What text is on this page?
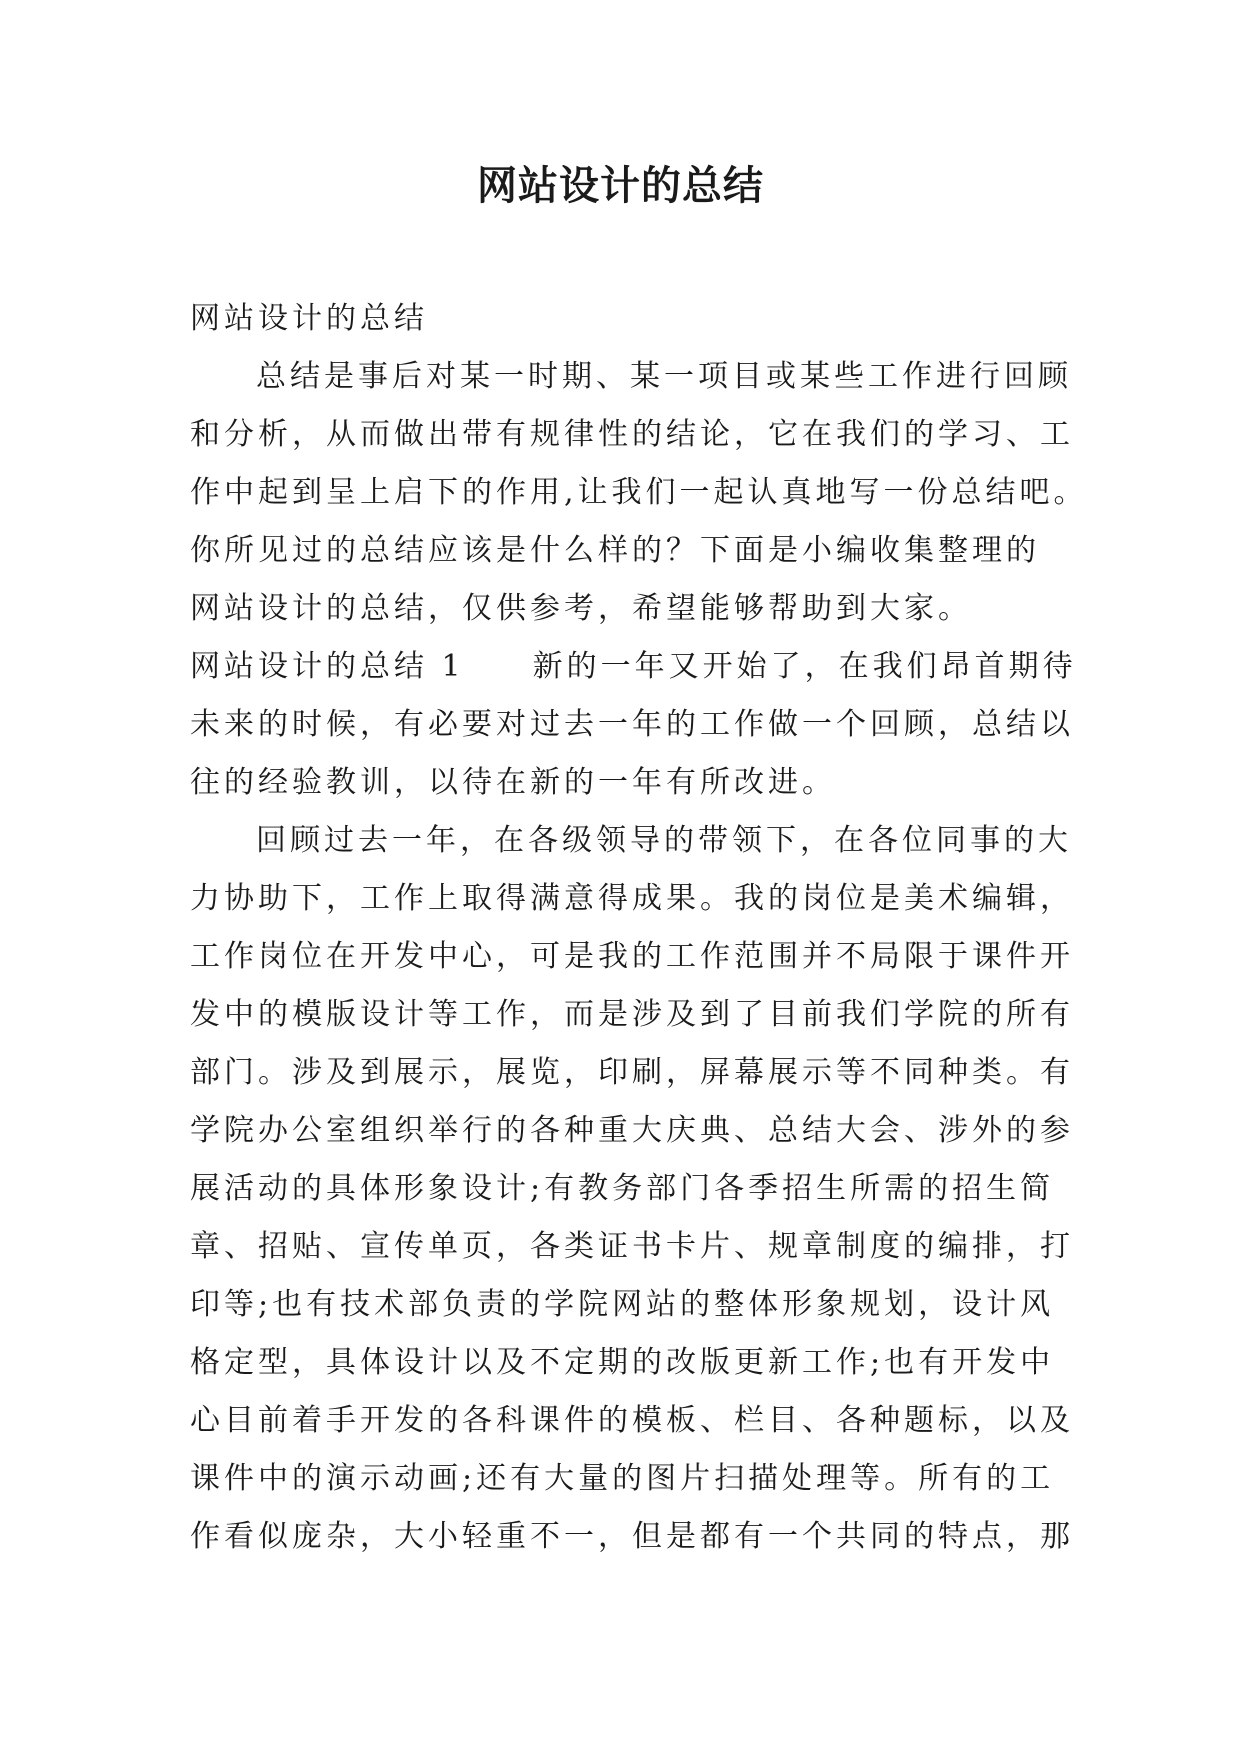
网站设计的总结
网站设计的总结
总结是事后对某一时期、某一项目或某些工作进行回顾
和分析，从而做出带有规律性的结论，它在我们的学习、工
作中起到呈上启下的作用,让我们一起认真地写一份总结吧。
你所见过的总结应该是什么样的？下面是小编收集整理的
网站设计的总结，仅供参考，希望能够帮助到大家。
网站设计的总结 1　　新的一年又开始了，在我们昂首期待
未来的时候，有必要对过去一年的工作做一个回顾，总结以
往的经验教训，以待在新的一年有所改进。
回顾过去一年，在各级领导的带领下，在各位同事的大
力协助下，工作上取得满意得成果。我的岗位是美术编辑，
工作岗位在开发中心，可是我的工作范围并不局限于课件开
发中的模版设计等工作，而是涉及到了目前我们学院的所有
部门。涉及到展示，展览，印刷，屏幕展示等不同种类。有
学院办公室组织举行的各种重大庆典、总结大会、涉外的参
展活动的具体形象设计;有教务部门各季招生所需的招生简
章、招贴、宣传单页，各类证书卡片、规章制度的编排，打
印等;也有技术部负责的学院网站的整体形象规划，设计风
格定型，具体设计以及不定期的改版更新工作;也有开发中
心目前着手开发的各科课件的模板、栏目、各种题标，以及
课件中的演示动画;还有大量的图片扫描处理等。所有的工
作看似庞杂，大小轻重不一，但是都有一个共同的特点，那
